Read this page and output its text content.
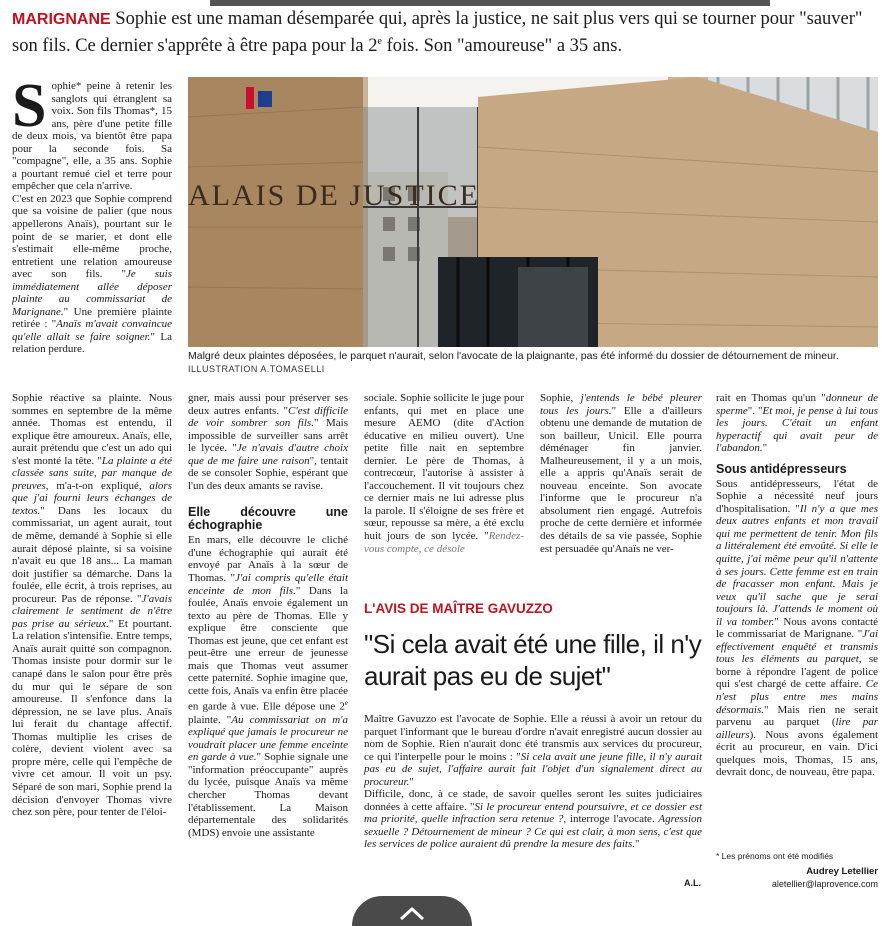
MARIGNANE Sophie est une maman désemparée qui, après la justice, ne sait plus vers qui se tourner pour "sauver" son fils. Ce dernier s'apprête à être papa pour la 2e fois. Son "amoureuse" a 35 ans.

Sophie* peine à retenir les sanglots qui étranglent sa voix. Son fils Thomas*, 15 ans, père d'une petite fille de deux mois, va bientôt être papa pour la seconde fois. Sa "compagne", elle, a 35 ans. Sophie a pourtant remué ciel et terre pour empêcher que cela n'arrive.

C'est en 2023 que Sophie comprend que sa voisine de palier (que nous appellerons Anaïs), pourtant sur le point de se marier, et dont elle s'estimait elle-même proche, entretient une relation amoureuse avec son fils. "Je suis immédiatement allée déposer plainte au commissariat de Marignane." Une première plainte retirée : "Anaïs m'avait convaincue qu'elle allait se faire soigner." La relation perdure.

Sophie réactive sa plainte. Nous sommes en septembre de la même année. Thomas est entendu, il explique être amoureux. Anaïs, elle, aurait prétendu que c'est un ado qui s'est monté la tête. "La plainte a été classée sans suite, par manque de preuves, m'a-t-on expliqué, alors que j'ai fourni leurs échanges de textos." Dans les locaux du commissariat, un agent aurait, tout de même, demandé à Sophie si elle aurait déposé plainte, si sa voisine n'avait eu que 18 ans... La maman doit justifier sa démarche. Dans la foulée, elle écrit, à trois reprises, au procureur. Pas de réponse. "J'avais clairement le sentiment de n'être pas prise au sérieux." Et pourtant. La relation s'intensifie. Entre temps, Anaïs aurait quitté son compagnon. Thomas insiste pour dormir sur le canapé dans le salon pour être près du mur qui le sépare de son amoureuse. Il s'enfonce dans la dépression, ne se lave plus. Anaïs lui ferait du chantage affectif. Thomas multiplie les crises de colère, devient violent avec sa propre mère, celle qui l'empêche de vivre cet amour. Il voit un psy. Séparé de son mari, Sophie prend la décision d'envoyer Thomas vivre chez son père, pour tenter de l'éloi-

ALAIS DE JUSTICE
Malgré deux plaintes déposées, le parquet n'aurait, selon l'avocate de la plaignante, pas été informé du dossier de détournement de mineur.
ILLUSTRATION A.TOMASELLI

gner, mais aussi pour préserver ses deux autres enfants. "C'est difficile de voir sombrer son fils." Mais impossible de surveiller sans arrêt le lycée. "Je n'avais d'autre choix que de me faire une raison", tentait de se consoler Sophie, espérant que l'un des deux amants se ravise.

Elle découvre une échographie

En mars, elle découvre le cliché d'une échographie qui aurait été envoyé par Anaïs à la sœur de Thomas. "J'ai compris qu'elle était enceinte de mon fils." Dans la foulée, Anaïs envoie également un texto au père de Thomas. Elle y explique être consciente que Thomas est jeune, que cet enfant est peut-être une erreur de jeunesse mais que Thomas veut assumer cette paternité. Sophie imagine que, cette fois, Anaïs va enfin être placée en garde à vue. Elle dépose une 2e plainte. "Au commissariat on m'a expliqué que jamais le procureur ne voudrait placer une femme enceinte en garde à vue." Sophie signale une "information préoccupante" auprès du lycée, puisque Anaïs va même chercher Thomas devant l'établissement. La Maison départementale des solidarités (MDS) envoie une assistante

sociale. Sophie sollicite le juge pour enfants, qui met en place une mesure AEMO (dite d'Action éducative en milieu ouvert). Une petite fille nait en septembre dernier. Le père de Thomas, à contrecœur, l'autorise à assister à l'accouchement. Il vit toujours chez ce dernier mais ne lui adresse plus la parole. Il s'éloigne de ses frère et sœur, repousse sa mère, a été exclu huit jours de son lycée. "Rendez-vous compte, ce désole

Sophie, j'entends le bébé pleurer tous les jours." Elle a d'ailleurs obtenu une demande de mutation de son bailleur, Unicil. Elle pourra déménager fin janvier. Malheureusement, il y a un mois, elle a appris qu'Anaïs serait de nouveau enceinte. Son avocate l'informe que le procureur n'a absolument rien engagé. Autrefois proche de cette dernière et informée des détails de sa vie passée, Sophie est persuadée qu'Anaïs ne ver-

rait en Thomas qu'un "donneur de sperme". "Et moi, je pense à lui tous les jours. C'était un enfant hyperactif qui avait peur de l'abandon."

Sous antidépresseurs

Sous antidépresseurs, l'état de Sophie a nécessité neuf jours d'hospitalisation. "Il n'y a que mes deux autres enfants et mon travail qui me permettent de tenir. Mon fils a littéralement été envoûté. Si elle le quitte, j'ai même peur qu'il n'attente à ses jours. Cette femme est en train de fracasser mon enfant. Mais je veux qu'il sache que je serai toujours là. J'attends le moment où il va tomber." Nous avons contacté le commissariat de Marignane. "J'ai effectivement enquêté et transmis tous les éléments au parquet, se borne à répondre l'agent de police qui s'est chargé de cette affaire. Ce n'est plus entre mes mains désormais." Mais rien ne serait parvenu au parquet (lire par ailleurs). Nous avons également écrit au procureur, en vain. D'ici quelques mois, Thomas, 15 ans, devrait donc, de nouveau, être papa.

L'AVIS DE MAÎTRE GAVUZZO
"Si cela avait été une fille, il n'y aurait pas eu de sujet"

Maître Gavuzzo est l'avocate de Sophie. Elle a réussi à avoir un retour du parquet l'informant que le bureau d'ordre n'avait enregistré aucun dossier au nom de Sophie. Rien n'aurait donc été transmis aux services du procureur, ce qui l'interpelle pour le moins : "Si cela avait une jeune fille, il n'y aurait pas eu de sujet, l'affaire aurait fait l'objet d'un signalement direct au procureur."

Difficile, donc, à ce stade, de savoir quelles seront les suites judiciaires données à cette affaire. "Si le procureur entend poursuivre, et ce dossier est ma priorité, quelle infraction sera retenue ?, interroge l'avocate. Agression sexuelle ? Détournement de mineur ? Ce qui est clair, à mon sens, c'est que les services de police auraient dû prendre la mesure des faits."

A.L.
* Les prénoms ont été modifiés
Audrey Letellier
aletellier@laprovence.com
